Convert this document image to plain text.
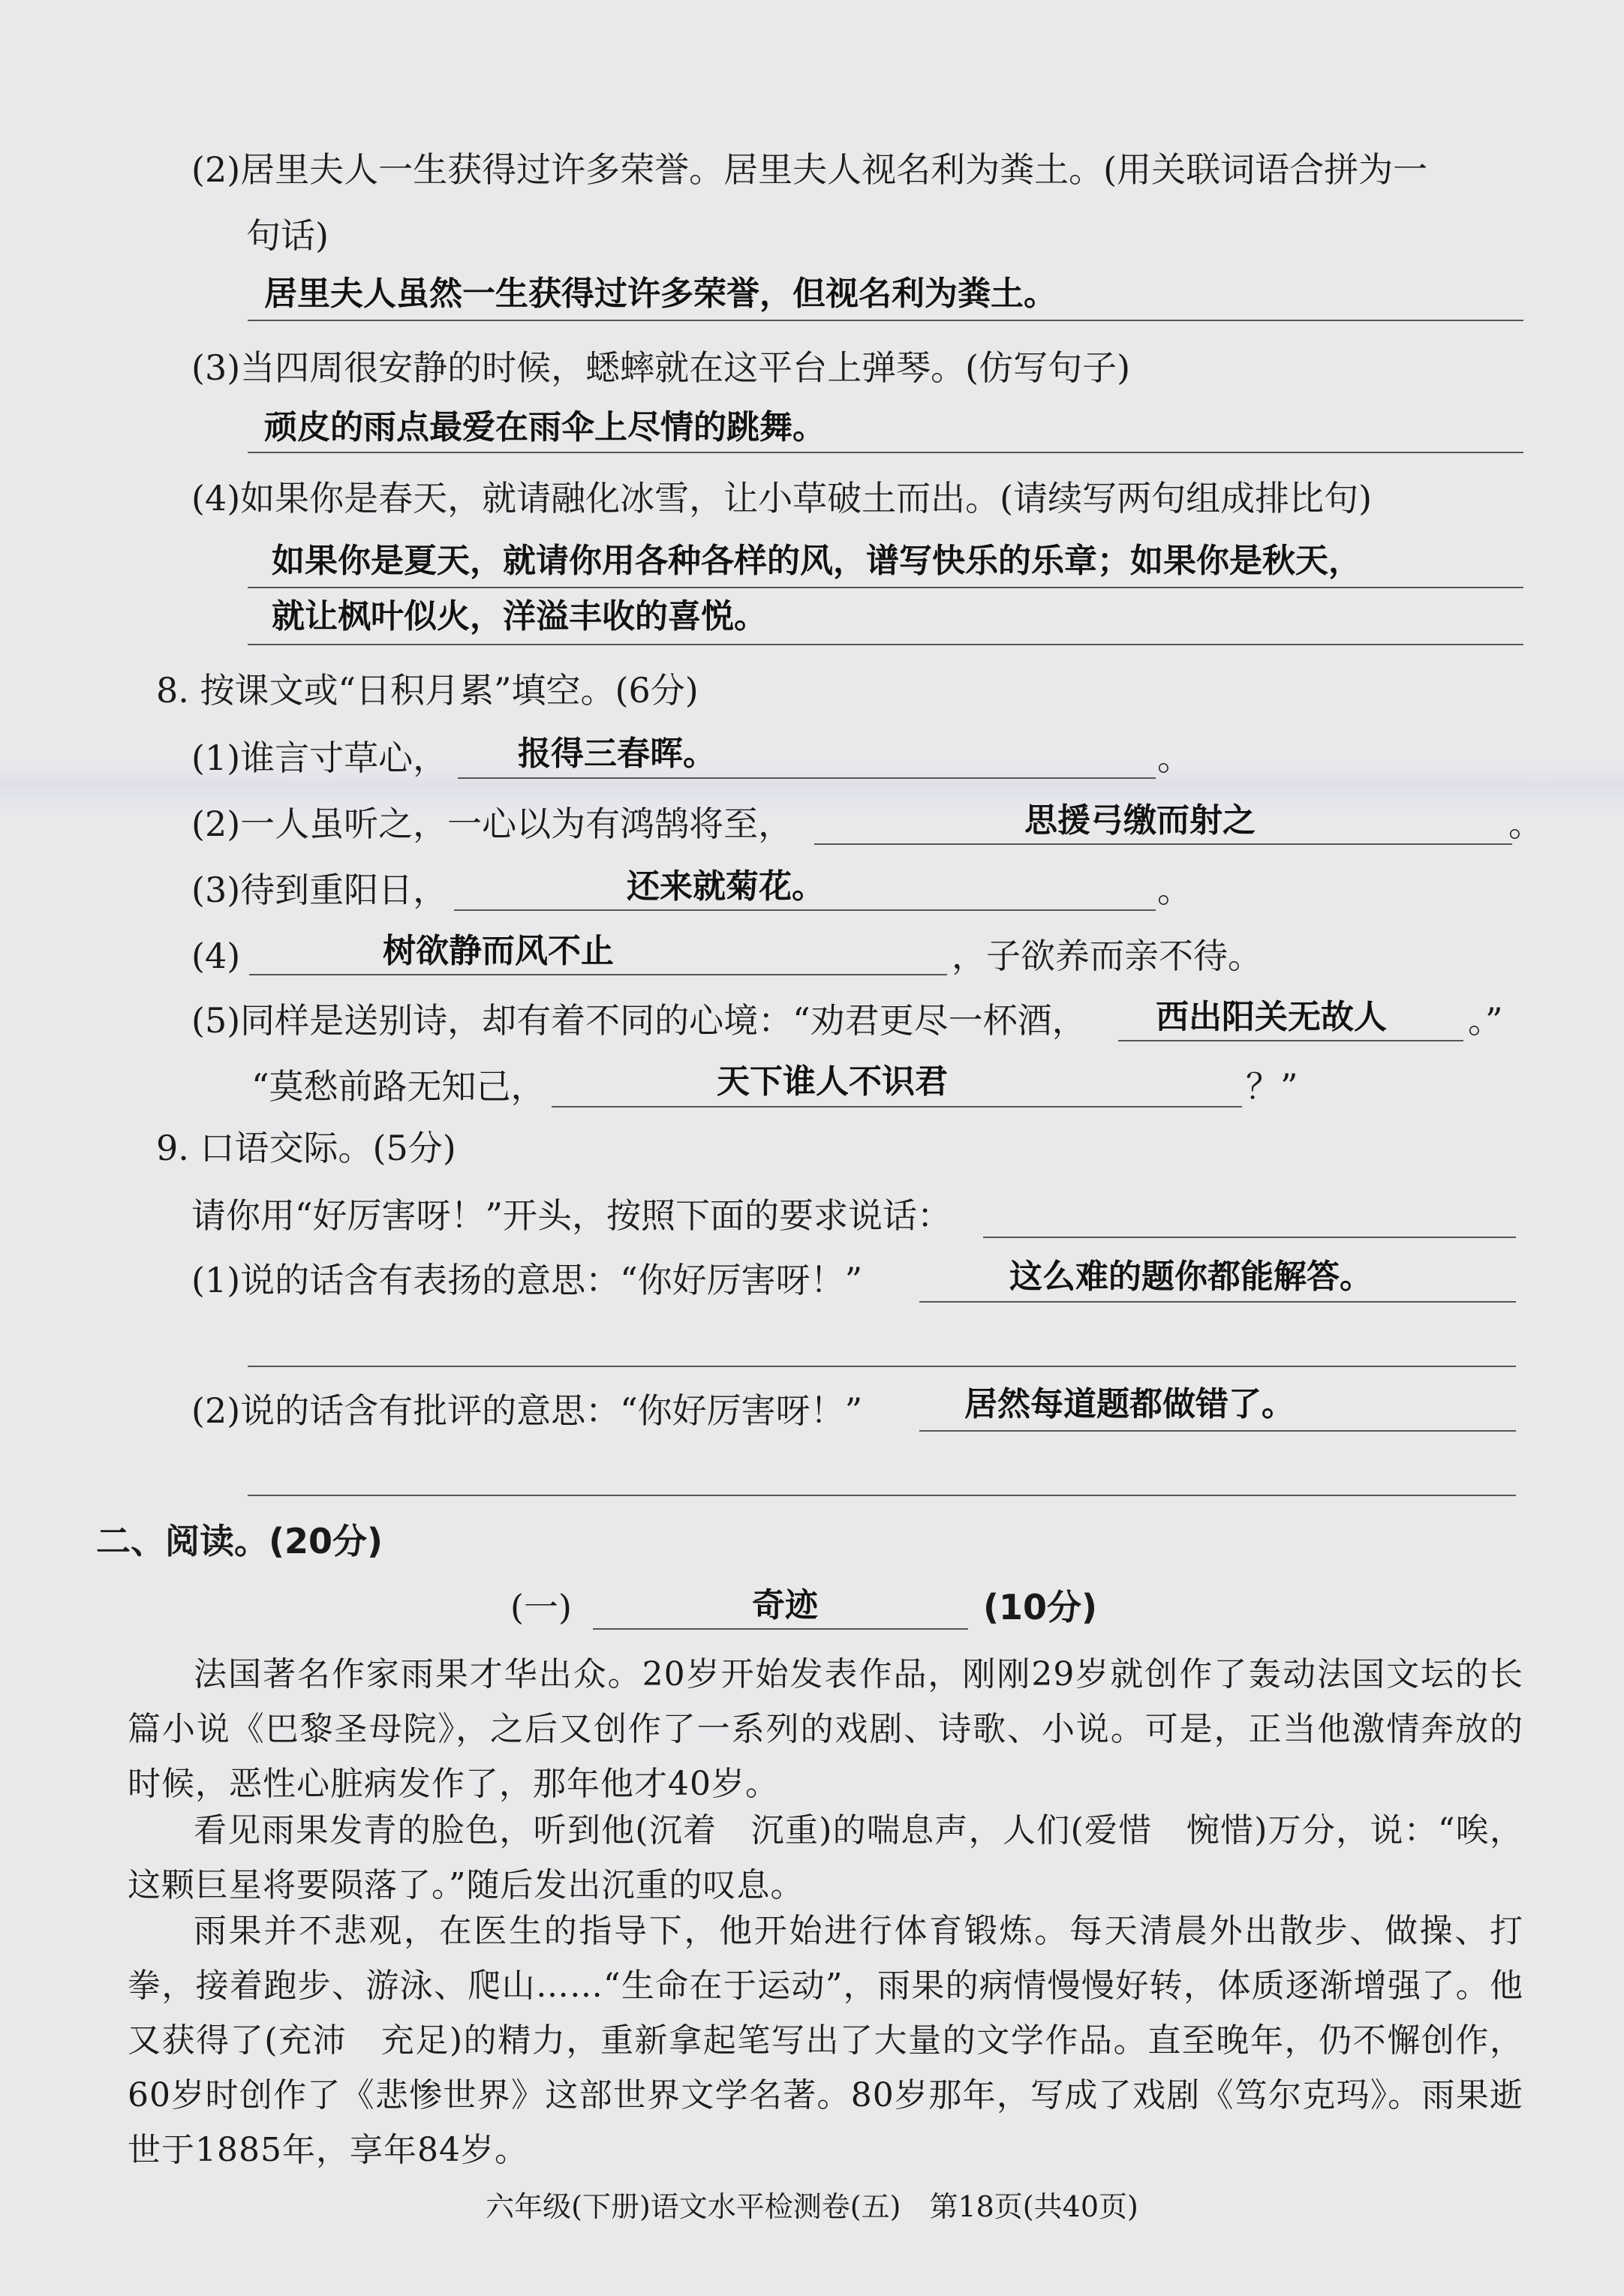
(2)居里夫人一生获得过许多荣誉。居里夫人视名利为粪土。(用关联词语合拼为一
句话)
居里夫人虽然一生获得过许多荣誉，但视名利为粪土。
(3)当四周很安静的时候，蟋蟀就在这平台上弹琴。(仿写句子)
顽皮的雨点最爱在雨伞上尽情的跳舞。
(4)如果你是春天，就请融化冰雪，让小草破土而出。(请续写两句组成排比句)
如果你是夏天，就请你用各种各样的风，谱写快乐的乐章；如果你是秋天，
就让枫叶似火，洋溢丰收的喜悦。
8. 按课文或“日积月累”填空。(6分)
(1)谁言寸草心， 报得三春晖。	。
(2)一人虽听之，一心以为有鸿鹄将至，	思援弓缴而射之	。
(3)待到重阳日，	还来就菊花。	。
(4)	树欲静而风不止	，子欲养而亲不待。
(5)同样是送别诗，却有着不同的心境：“劝君更尽一杯酒， 西出阳关无故人 。”
“莫愁前路无知己，	天下谁人不识君	？”
9. 口语交际。(5分)
请你用“好厉害呀！”开头，按照下面的要求说话：
(1)说的话含有表扬的意思：“你好厉害呀！”	这么难的题你都能解答。
(2)说的话含有批评的意思：“你好厉害呀！”	居然每道题都做错了。
二、阅读。(20分)
(一)	奇迹	(10分)
法国著名作家雨果才华出众。20岁开始发表作品，刚刚29岁就创作了轰动法国文坛的长篇小说《巴黎圣母院》，之后又创作了一系列的戏剧、诗歌、小说。可是，正当他激情奔放的时候，恶性心脏病发作了，那年他才40岁。
看见雨果发青的脸色，听到他(沉着　沉重)的喘息声，人们(爱惜　惋惜)万分，说：“唉，这颗巨星将要陨落了。”随后发出沉重的叹息。
雨果并不悲观，在医生的指导下，他开始进行体育锻炼。每天清晨外出散步、做操、打拳，接着跑步、游泳、爬山……“生命在于运动”，雨果的病情慢慢好转，体质逐渐增强了。他又获得了(充沛　充足)的精力，重新拿起笔写出了大量的文学作品。直至晚年，仍不懈创作，60岁时创作了《悲惨世界》这部世界文学名著。80岁那年，写成了戏剧《笃尔克玛》。雨果逝世于1885年，享年84岁。
六年级(下册)语文水平检测卷(五)　第18页(共40页)
